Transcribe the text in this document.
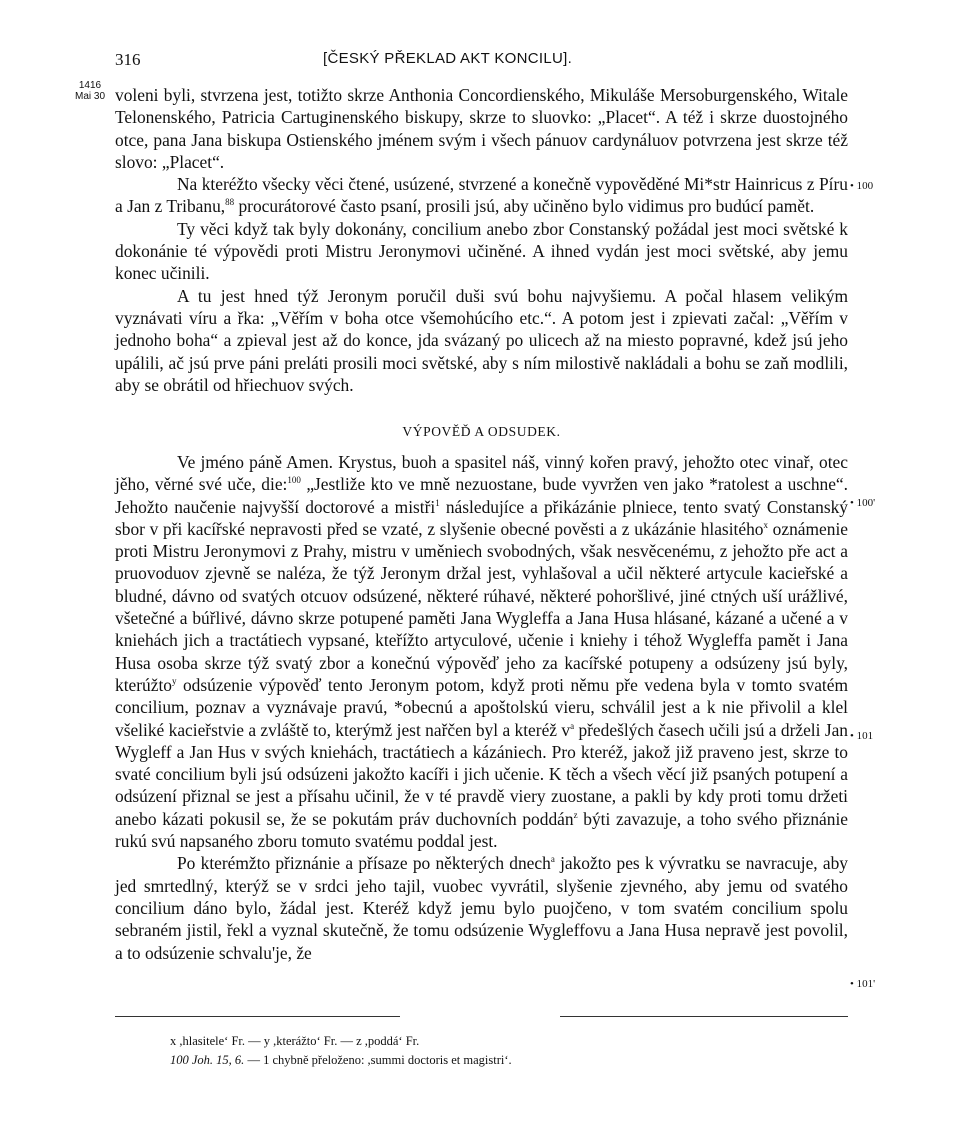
316	[ČESKÝ PŘEKLAD AKT KONCILU].
1416
Mai 30 voleni byli, stvrzena jest, totižto skrze Anthonia Concordienského, Mikuláše Mersoburgenského, Witale Telonenského, Patricia Cartuginenského biskupy, skrze to sluovko: „Placet“. A též i skrze duostojného otce, pana Jana biskupa Ostienského jménem svým i všech pánuov cardynáluov potvrzena jest skrze též slovo: „Placet“.

Na kteréžto všecky věci čtené, usúzené, stvrzené a konečně vypověděné Mi*str Hainricus z Píru a Jan z Tribanu,$^{88}$ procurátorové často psaní, prosili jsú, aby učiněno bylo vidimus pro budúcí pamět.

Ty věci když tak byly dokonány, concilium anebo zbor Constanský požádal jest moci světské k dokonánie té výpovědi proti Mistru Jeronymovi učiněné. A ihned vydán jest moci světské, aby jemu konec učinili.

A tu jest hned týž Jeronym poručil duši svú bohu najvyšiemu. A počal hlasem velikým vyznávati víru a řka: „Věřím v boha otce všemohúcího etc.“. A potom jest i zpievati začal: „Věřím v jednoho boha“ a zpieval jest až do konce, jda svázaný po ulicech až na miesto popravné, kdež jsú jeho upálili, ač jsú prve páni preláti prosili moci světské, aby s ním milostivě nakládali a bohu se zaň modlili, aby se obrátil od hřiechuov svých.

VÝPOVĚĎ A ODSUDEK.

Ve jméno páně Amen. Krystus, buoh a spasitel náš, vinný kořen pravý, jehožto otec vinař, otec jěho, věrné své uče, die:$^{100}$ „Jestliže kto ve mně nezuostane, bude vyvržen ven jako *ratolest a uschne“. Jehožto naučenie najvyšší doctorové a mistři$^1$ následujíce a přikázánie plniece, tento svatý Constanský sbor v při kacířské nepravosti před se vzaté, z slyšenie obecné pověsti a z ukázánie hlasitého$^x$ oznámenie proti Mistru Jeronymovi z Prahy, mistru v uměniech svobodných, však nesvěcenému, z jehožto pře act a pruovoduov zjevně se naléza, že týž Jeronym držal jest, vyhlašoval a učil některé artycule kacieřské a bludné, dávno od svatých otcuov odsúzené, některé rúhavé, některé pohoršlivé, jiné ctných uší urážlivé, všetečné a búřlivé, dávno skrze potupené paměti Jana Wygleffa a Jana Husa hlásané, kázané a učené a v kniehách jich a tractátiech vypsané, kteřížto artyculové, učenie i kniehy i téhož Wygleffa pamět i Jana Husa osoba skrze týž svatý zbor a konečnú výpověď jeho za kacířské potupeny a odsúzeny jsú byly, kterúžto$^y$ odsúzenie výpověď tento Jeronym potom, když proti němu pře vedena byla v tomto svatém concilium, poznav a vyznávaje pravú, *obecnú a apoštolskú vieru, schválil jest a k nie přivolil a klel všeliké kacieřstvie a zvláště to, kterýmž jest nařčen byl a kteréž $v^a$ předešlých časech učili jsú a drželi Jan Wygleff a Jan Hus v svých kniehách, tractátiech a kázániech. Pro kteréž, jakož již praveno jest, skrze to svaté concilium byli jsú odsúzeni jakožto kacíři i jich učenie. K těch a všech věcí již psaných potupení a odsúzení přiznal se jest a přísahu učinil, že v té pravdě viery zuostane, a pakli by kdy proti tomu držeti anebo kázati pokusil se, že se pokutám práv duchovních poddán$^z$ býti zavazuje, a toho svého přiznánie rukú svú napsaného zboru tomuto svatému poddal jest.

Po kterémžto přiznánie a přísaze po některých dnech$^a$ jakožto pes k vývratku se navracuje, aby jed smrtedlný, kterýž se v srdci jeho tajil, vuobec vyvrátil, slyšenie zjevného, aby jemu od svatého concilium dáno bylo, žádal jest. Kteréž když jemu bylo puojčeno, v tom svatém concilium spolu sebraném jistil, řekl a vyznal skutečně, že tomu odsúzenie Wygleffovu a Jana Husa nepravě jest povolil, a to odsúzenie schvalu'je, že

• 100
• 100'
• 101
• 101'
x ,hlasitele‘ Fr. — y ,kterážto‘ Fr. — z ,poddá‘ Fr.
100 Joh. 15, 6. — 1 chybně přeloženo: ,summi doctoris et magistri‘.
